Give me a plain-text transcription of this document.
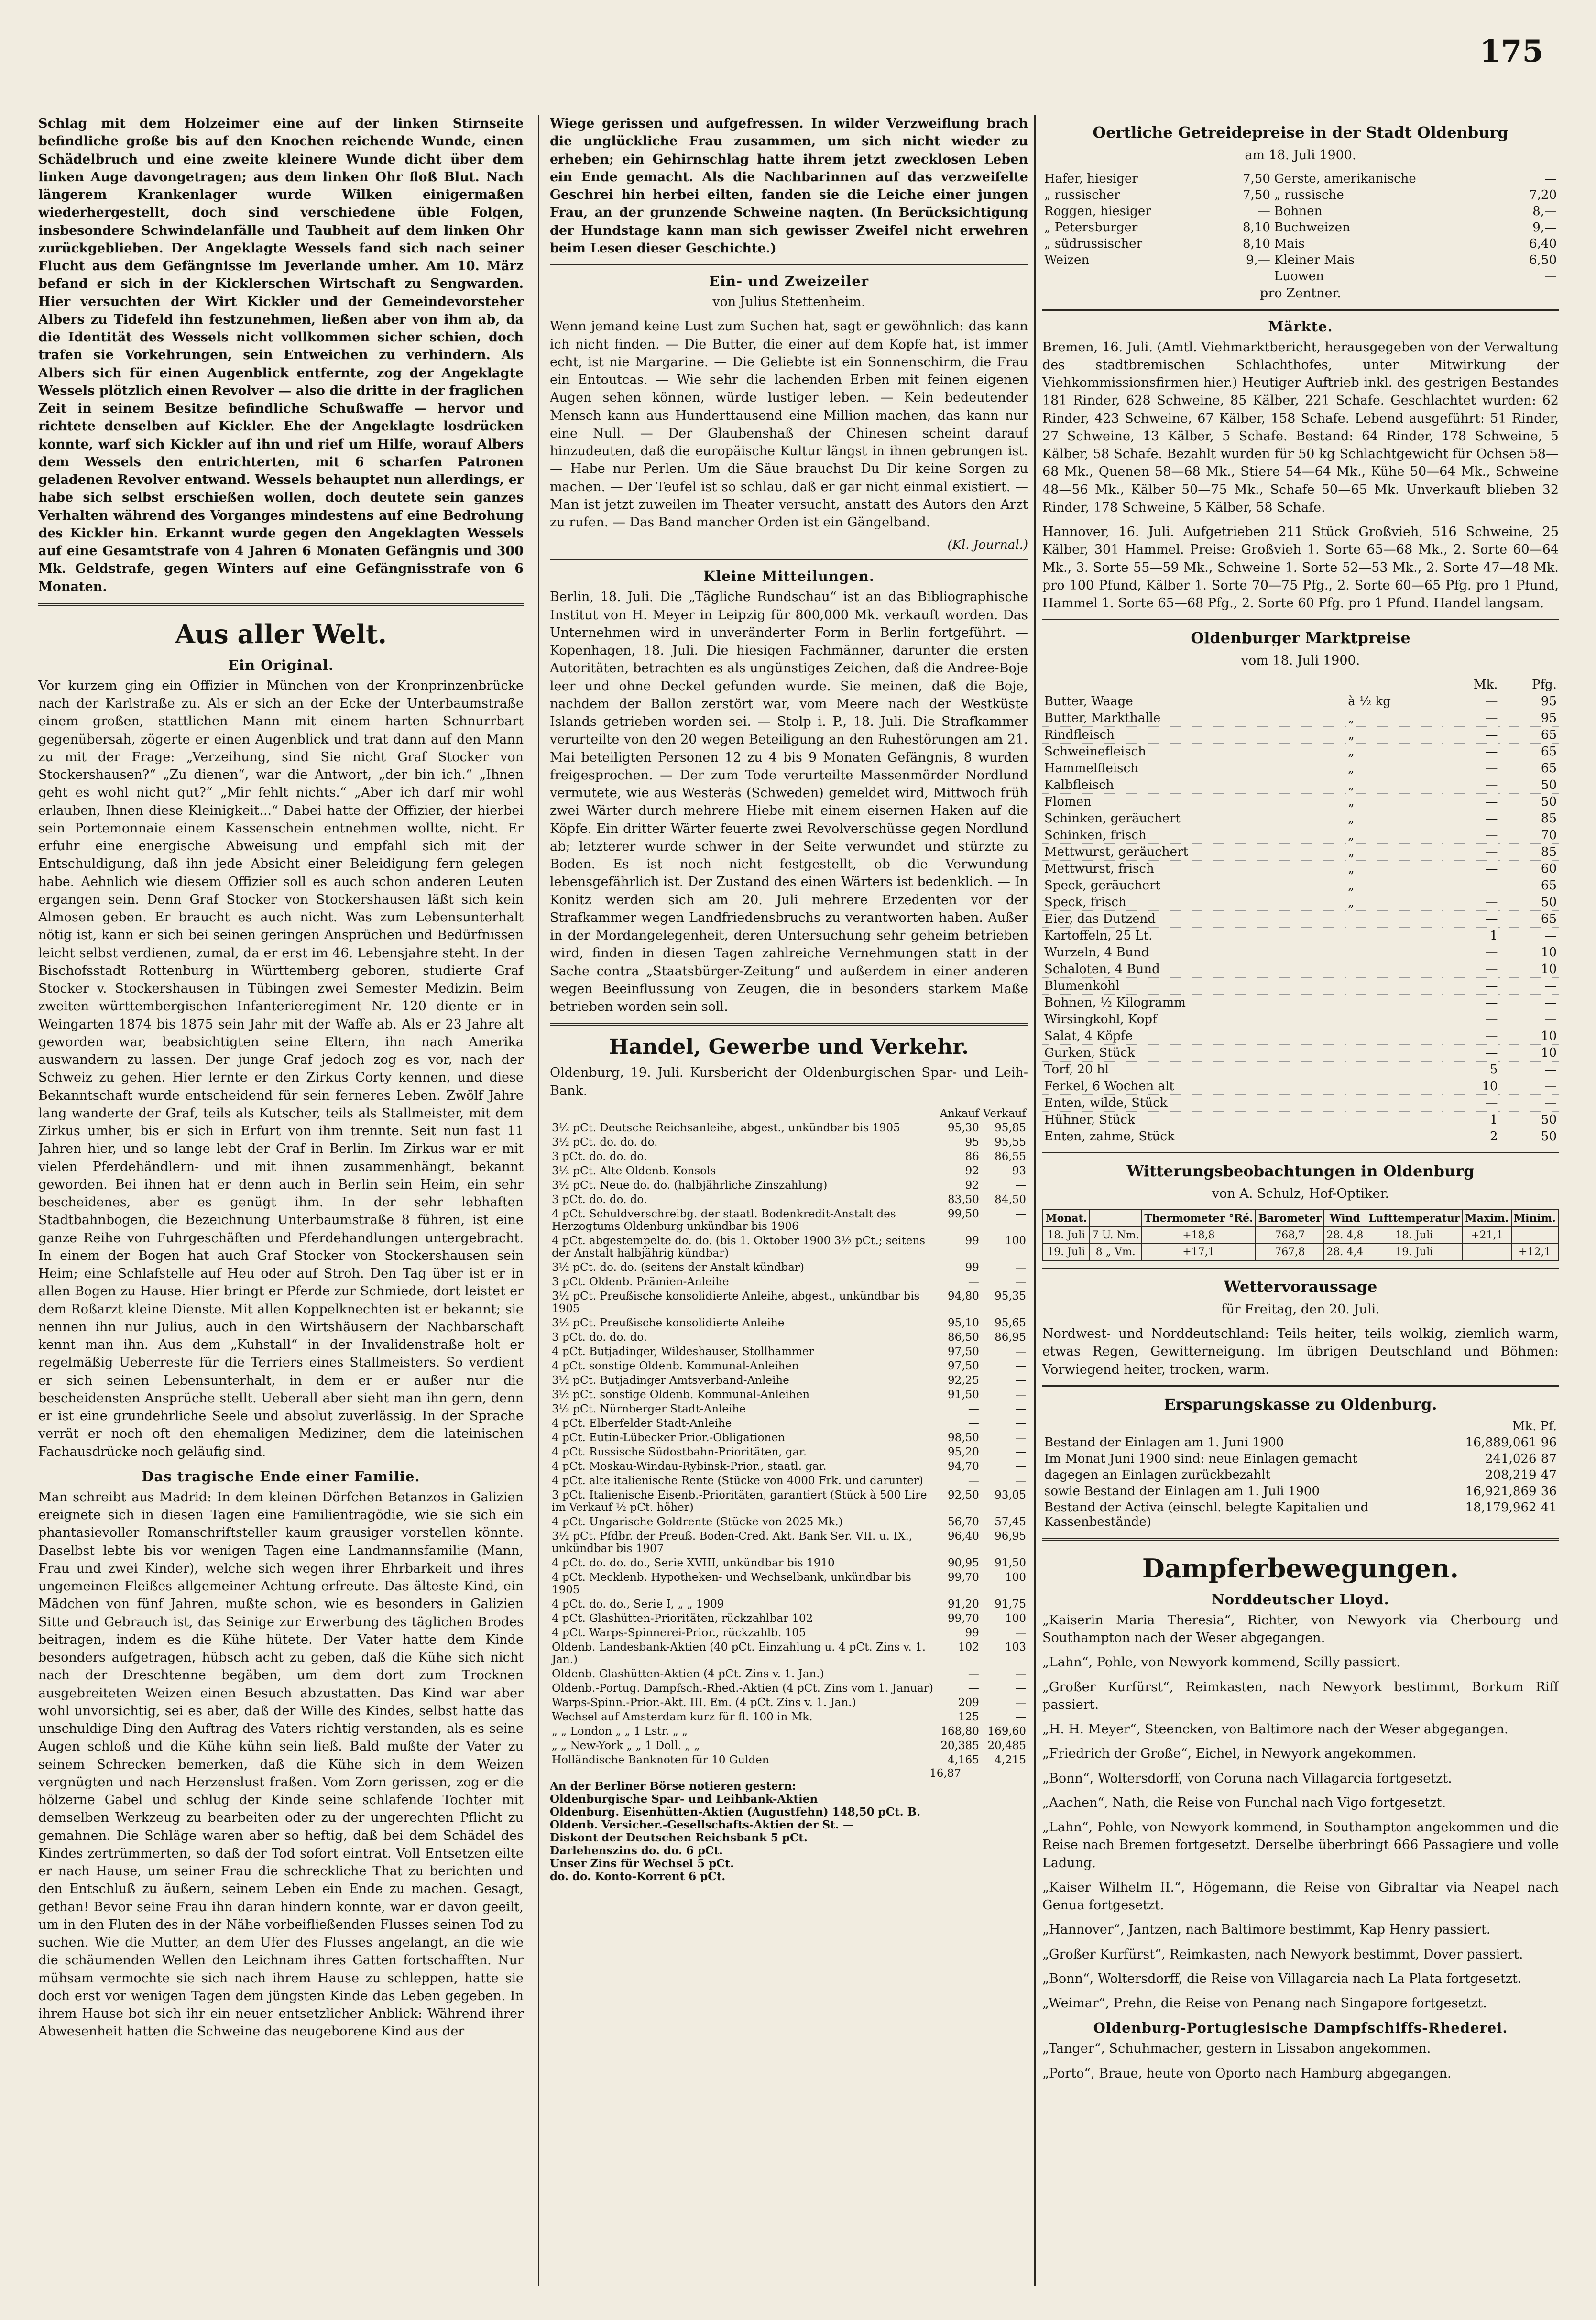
175

Schlag mit dem Holzeimer eine auf der linken Stirnseite befindliche große bis auf den Knochen reichende Wunde, einen Schädelbruch und eine zweite kleinere Wunde dicht über dem linken Auge davongetragen; aus dem linken Ohr floß Blut. Nach längerem Krankenlager wurde Wilken einigermaßen wiederhergestellt, doch sind verschiedene üble Folgen, insbesondere Schwindelanfälle und Taubheit auf dem linken Ohr zurückgeblieben. Der Angeklagte Wessels fand sich nach seiner Flucht aus dem Gefängnisse im Jeverlande umher. Am 10. März befand er sich in der Kicklerschen Wirtschaft zu Sengwarden. Hier versuchten der Wirt Kickler und der Gemeindevorsteher Albers zu Tidefeld ihn festzunehmen, ließen aber von ihm ab, da die Identität des Wessels nicht vollkommen sicher schien, doch trafen sie Vorkehrungen, sein Entweichen zu verhindern. Als Albers sich für einen Augenblick entfernte, zog der Angeklagte Wessels plötzlich einen Revolver — also die dritte in der fraglichen Zeit in seinem Besitze befindliche Schußwaffe — hervor und richtete denselben auf Kickler. Ehe der Angeklagte losdrücken konnte, warf sich Kickler auf ihn und rief um Hilfe, worauf Albers dem Wessels den entrichterten, mit 6 scharfen Patronen geladenen Revolver entwand. Wessels behauptet nun allerdings, er habe sich selbst erschießen wollen, doch deutete sein ganzes Verhalten während des Vorganges mindestens auf eine Bedrohung des Kickler hin. Erkannt wurde gegen den Angeklagten Wessels auf eine Gesamtstrafe von 4 Jahren 6 Monaten Gefängnis und 300 Mk. Geldstrafe, gegen Winters auf eine Gefängnisstrafe von 6 Monaten.

Aus aller Welt.
Ein Original.

Vor kurzem ging ein Offizier in München von der Kronprinzenbrücke nach der Karlstraße zu. Als er sich an der Ecke der Unterbaumstraße einem großen, stattlichen Mann mit einem harten Schnurrbart gegenübersah, zögerte er einen Augenblick und trat dann auf den Mann zu mit der Frage: „Verzeihung, sind Sie nicht Graf Stocker von Stockershausen?“ „Zu dienen“, war die Antwort, „der bin ich.“ „Ihnen geht es wohl nicht gut?“ „Mir fehlt nichts.“ „Aber ich darf mir wohl erlauben, Ihnen diese Kleinigkeit...“ Dabei hatte der Offizier, der hierbei sein Portemonnaie einem Kassenschein entnehmen wollte, nicht. Er erfuhr eine energische Abweisung und empfahl sich mit der Entschuldigung, daß ihn jede Absicht einer Beleidigung fern gelegen habe. Aehnlich wie diesem Offizier soll es auch schon anderen Leuten ergangen sein. Denn Graf Stocker von Stockershausen läßt sich kein Almosen geben. Er braucht es auch nicht. Was zum Lebensunterhalt nötig ist, kann er sich bei seinen geringen Ansprüchen und Bedürfnissen leicht selbst verdienen, zumal, da er erst im 46. Lebensjahre steht. In der Bischofsstadt Rottenburg in Württemberg geboren, studierte Graf Stocker v. Stockershausen in Tübingen zwei Semester Medizin. Beim zweiten württembergischen Infanterieregiment Nr. 120 diente er in Weingarten 1874 bis 1875 sein Jahr mit der Waffe ab. Als er 23 Jahre alt geworden war, beabsichtigten seine Eltern, ihn nach Amerika auswandern zu lassen. Der junge Graf jedoch zog es vor, nach der Schweiz zu gehen. Hier lernte er den Zirkus Corty kennen, und diese Bekanntschaft wurde entscheidend für sein ferneres Leben. Zwölf Jahre lang wanderte der Graf, teils als Kutscher, teils als Stallmeister, mit dem Zirkus umher, bis er sich in Erfurt von ihm trennte. Seit nun fast 11 Jahren hier, und so lange lebt der Graf in Berlin. Im Zirkus war er mit vielen Pferdehändlern- und mit ihnen zusammenhängt, bekannt geworden. Bei ihnen hat er denn auch in Berlin sein Heim, ein sehr bescheidenes, aber es genügt ihm. In der sehr lebhaften Stadtbahnbogen, die Bezeichnung Unterbaumstraße 8 führen, ist eine ganze Reihe von Fuhrgeschäften und Pferdehandlungen untergebracht. In einem der Bogen hat auch Graf Stocker von Stockershausen sein Heim; eine Schlafstelle auf Heu oder auf Stroh. Den Tag über ist er in allen Bogen zu Hause. Hier bringt er Pferde zur Schmiede, dort leistet er dem Roßarzt kleine Dienste. Mit allen Koppelknechten ist er bekannt; sie nennen ihn nur Julius, auch in den Wirtshäusern der Nachbarschaft kennt man ihn. Aus dem „Kuhstall“ in der Invalidenstraße holt er regelmäßig Ueberreste für die Terriers eines Stallmeisters. So verdient er sich seinen Lebensunterhalt, in dem er er außer nur die bescheidensten Ansprüche stellt. Ueberall aber sieht man ihn gern, denn er ist eine grundehrliche Seele und absolut zuverlässig. In der Sprache verrät er noch oft den ehemaligen Mediziner, dem die lateinischen Fachausdrücke noch geläufig sind.

Das tragische Ende einer Familie.

Man schreibt aus Madrid: In dem kleinen Dörfchen Betanzos in Galizien ereignete sich in diesen Tagen eine Familientragödie, wie sie sich ein phantasievoller Romanschriftsteller kaum grausiger vorstellen könnte. Daselbst lebte bis vor wenigen Tagen eine Landmannsfamilie (Mann, Frau und zwei Kinder), welche sich wegen ihrer Ehrbarkeit und ihres ungemeinen Fleißes allgemeiner Achtung erfreute. Das älteste Kind, ein Mädchen von fünf Jahren, mußte schon, wie es besonders in Galizien Sitte und Gebrauch ist, das Seinige zur Erwerbung des täglichen Brodes beitragen, indem es die Kühe hütete. Der Vater hatte dem Kinde besonders aufgetragen, hübsch acht zu geben, daß die Kühe sich nicht nach der Dreschtenne begäben, um dem dort zum Trocknen ausgebreiteten Weizen einen Besuch abzustatten. Das Kind war aber wohl unvorsichtig, sei es aber, daß der Wille des Kindes, selbst hatte das unschuldige Ding den Auftrag des Vaters richtig verstanden, als es seine Augen schloß und die Kühe kühn sein ließ. Bald mußte der Vater zu seinem Schrecken bemerken, daß die Kühe sich in dem Weizen vergnügten und nach Herzenslust fraßen. Vom Zorn gerissen, zog er die hölzerne Gabel und schlug der Kinde seine schlafende Tochter mit demselben Werkzeug zu bearbeiten oder zu der ungerechten Pflicht zu gemahnen. Die Schläge waren aber so heftig, daß bei dem Schädel des Kindes zertrümmerten, so daß der Tod sofort eintrat. Voll Entsetzen eilte er nach Hause, um seiner Frau die schreckliche That zu berichten und den Entschluß zu äußern, seinem Leben ein Ende zu machen. Gesagt, gethan! Bevor seine Frau ihn daran hindern konnte, war er davon geeilt, um in den Fluten des in der Nähe vorbeifließenden Flusses seinen Tod zu suchen. Wie die Mutter, an dem Ufer des Flusses angelangt, an die wie die schäumenden Wellen den Leichnam ihres Gatten fortschafften. Nur mühsam vermochte sie sich nach ihrem Hause zu schleppen, hatte sie doch erst vor wenigen Tagen dem jüngsten Kinde das Leben gegeben. In ihrem Hause bot sich ihr ein neuer entsetzlicher Anblick: Während ihrer Abwesenheit hatten die Schweine das neugeborene Kind aus der

Wiege gerissen und aufgefressen. In wilder Verzweiflung brach die unglückliche Frau zusammen, um sich nicht wieder zu erheben; ein Gehirnschlag hatte ihrem jetzt zwecklosen Leben ein Ende gemacht. Als die Nachbarinnen auf das verzweifelte Geschrei hin herbei eilten, fanden sie die Leiche einer jungen Frau, an der grunzende Schweine nagten. (In Berücksichtigung der Hundstage kann man sich gewisser Zweifel nicht erwehren beim Lesen dieser Geschichte.)

Ein- und Zweizeiler

von Julius Stettenheim.

Wenn jemand keine Lust zum Suchen hat, sagt er gewöhnlich: das kann ich nicht finden. — Die Butter, die einer auf dem Kopfe hat, ist immer echt, ist nie Margarine. — Die Geliebte ist ein Sonnenschirm, die Frau ein Entoutcas. — Wie sehr die lachenden Erben mit feinen eigenen Augen sehen können, würde lustiger leben. — Kein bedeutender Mensch kann aus Hunderttausend eine Million machen, das kann nur eine Null. — Der Glaubenshaß der Chinesen scheint darauf hinzudeuten, daß die europäische Kultur längst in ihnen gebrungen ist. — Habe nur Perlen. Um die Säue brauchst Du Dir keine Sorgen zu machen. — Der Teufel ist so schlau, daß er gar nicht einmal existiert. — Man ist jetzt zuweilen im Theater versucht, anstatt des Autors den Arzt zu rufen. — Das Band mancher Orden ist ein Gängelband.

(Kl. Journal.)
Kleine Mitteilungen.

Berlin, 18. Juli. Die „Tägliche Rundschau“ ist an das Bibliographische Institut von H. Meyer in Leipzig für 800,000 Mk. verkauft worden. Das Unternehmen wird in unveränderter Form in Berlin fortgeführt. — Kopenhagen, 18. Juli. Die hiesigen Fachmänner, darunter die ersten Autoritäten, betrachten es als ungünstiges Zeichen, daß die Andree-Boje leer und ohne Deckel gefunden wurde. Sie meinen, daß die Boje, nachdem der Ballon zerstört war, vom Meere nach der Westküste Islands getrieben worden sei. — Stolp i. P., 18. Juli. Die Strafkammer verurteilte von den 20 wegen Beteiligung an den Ruhestörungen am 21. Mai beteiligten Personen 12 zu 4 bis 9 Monaten Gefängnis, 8 wurden freigesprochen. — Der zum Tode verurteilte Massenmörder Nordlund vermutete, wie aus Westeräs (Schweden) gemeldet wird, Mittwoch früh zwei Wärter durch mehrere Hiebe mit einem eisernen Haken auf die Köpfe. Ein dritter Wärter feuerte zwei Revolverschüsse gegen Nordlund ab; letzterer wurde schwer in der Seite verwundet und stürzte zu Boden. Es ist noch nicht festgestellt, ob die Verwundung lebensgefährlich ist. Der Zustand des einen Wärters ist bedenklich. — In Konitz werden sich am 20. Juli mehrere Erzedenten vor der Strafkammer wegen Landfriedensbruchs zu verantworten haben. Außer in der Mordangelegenheit, deren Untersuchung sehr geheim betrieben wird, finden in diesen Tagen zahlreiche Vernehmungen statt in der Sache contra „Staatsbürger-Zeitung“ und außerdem in einer anderen wegen Beeinflussung von Zeugen, die in besonders starkem Maße betrieben worden sein soll.

Handel, Gewerbe und Verkehr.

Oldenburg, 19. Juli. Kursbericht der Oldenburgischen Spar- und Leih-Bank.

	Ankauf	Verkauf
3½ pCt. Deutsche Reichsanleihe, abgest., unkündbar bis 1905	95,30	95,85
3½ pCt. do. do. do.	95	95,55
3 pCt. do. do. do.	86	86,55
3½ pCt. Alte Oldenb. Konsols	92	93
3½ pCt. Neue do. do. (halbjährliche Zinszahlung)	92	—
3 pCt. do. do. do.	83,50	84,50
4 pCt. Schuldverschreibg. der staatl. Bodenkredit-Anstalt des Herzogtums Oldenburg unkündbar bis 1906	99,50	—
4 pCt. abgestempelte do. do. (bis 1. Oktober 1900 3½ pCt.; seitens der Anstalt halbjährig kündbar)	99	100
3½ pCt. do. do. (seitens der Anstalt kündbar)	99	—
3 pCt. Oldenb. Prämien-Anleihe	—	—
3½ pCt. Preußische konsolidierte Anleihe, abgest., unkündbar bis 1905	94,80	95,35
3½ pCt. Preußische konsolidierte Anleihe	95,10	95,65
3 pCt. do. do. do.	86,50	86,95
4 pCt. Butjadinger, Wildeshauser, Stollhammer	97,50	—
4 pCt. sonstige Oldenb. Kommunal-Anleihen	97,50	—
3½ pCt. Butjadinger Amtsverband-Anleihe	92,25	—
3½ pCt. sonstige Oldenb. Kommunal-Anleihen	91,50	—
3½ pCt. Nürnberger Stadt-Anleihe	—	—
4 pCt. Elberfelder Stadt-Anleihe	—	—
4 pCt. Eutin-Lübecker Prior.-Obligationen	98,50	—
4 pCt. Russische Südostbahn-Prioritäten, gar.	95,20	—
4 pCt. Moskau-Windau-Rybinsk-Prior., staatl. gar.	94,70	—
4 pCt. alte italienische Rente (Stücke von 4000 Frk. und darunter)	—	—
3 pCt. Italienische Eisenb.-Prioritäten, garantiert (Stück à 500 Lire im Verkauf ½ pCt. höher)	92,50	93,05
4 pCt. Ungarische Goldrente (Stücke von 2025 Mk.)	56,70	57,45
3½ pCt. Pfdbr. der Preuß. Boden-Cred. Akt. Bank Ser. VII. u. IX., unkündbar bis 1907	96,40	96,95
4 pCt. do. do. do., Serie XVIII, unkündbar bis 1910	90,95	91,50
4 pCt. Mecklenb. Hypotheken- und Wechselbank, unkündbar bis 1905	99,70	100
4 pCt. do. do., Serie I, „ „ 1909	91,20	91,75
4 pCt. Glashütten-Prioritäten, rückzahlbar 102	99,70	100
4 pCt. Warps-Spinnerei-Prior., rückzahlb. 105	99	—
Oldenb. Landesbank-Aktien (40 pCt. Einzahlung u. 4 pCt. Zins v. 1. Jan.)	102	103
Oldenb. Glashütten-Aktien (4 pCt. Zins v. 1. Jan.)	—	—
Oldenb.-Portug. Dampfsch.-Rhed.-Aktien (4 pCt. Zins vom 1. Januar)	—	—
Warps-Spinn.-Prior.-Akt. III. Em. (4 pCt. Zins v. 1. Jan.)	209	—
Wechsel auf Amsterdam kurz für fl. 100 in Mk.	125	—
„ „ London „ „ 1 Lstr. „ „	168,80	169,60
„ „ New-York „ „ 1 Doll. „ „	20,385	20,485
Holländische Banknoten für 10 Gulden	4,165	4,215
16,87
An der Berliner Börse notieren gestern:
Oldenburgische Spar- und Leihbank-Aktien
Oldenburg. Eisenhütten-Aktien (Augustfehn) 148,50 pCt. B.
Oldenb. Versicher.-Gesellschafts-Aktien der St. —
Diskont der Deutschen Reichsbank 5 pCt.
Darlehenszins do. do. 6 pCt.
Unser Zins für Wechsel 5 pCt.
do. do. Konto-Korrent 6 pCt.
Oertliche Getreidepreise in der Stadt Oldenburg

am 18. Juli 1900.

Hafer, hiesiger	7,50	Gerste, amerikanische	—
„ russischer	7,50	„ russische	7,20
Roggen, hiesiger	—	Bohnen	8,—
„ Petersburger	8,10	Buchweizen	9,—
„ südrussischer	8,10	Mais	6,40
Weizen	9,—	Kleiner Mais	6,50
		Luowen	—

pro Zentner.

Märkte.

Bremen, 16. Juli. (Amtl. Viehmarktbericht, herausgegeben von der Verwaltung des stadtbremischen Schlachthofes, unter Mitwirkung der Viehkommissionsfirmen hier.) Heutiger Auftrieb inkl. des gestrigen Bestandes 181 Rinder, 628 Schweine, 85 Kälber, 221 Schafe. Geschlachtet wurden: 62 Rinder, 423 Schweine, 67 Kälber, 158 Schafe. Lebend ausgeführt: 51 Rinder, 27 Schweine, 13 Kälber, 5 Schafe. Bestand: 64 Rinder, 178 Schweine, 5 Kälber, 58 Schafe. Bezahlt wurden für 50 kg Schlachtgewicht für Ochsen 58—68 Mk., Quenen 58—68 Mk., Stiere 54—64 Mk., Kühe 50—64 Mk., Schweine 48—56 Mk., Kälber 50—75 Mk., Schafe 50—65 Mk. Unverkauft blieben 32 Rinder, 178 Schweine, 5 Kälber, 58 Schafe.

Hannover, 16. Juli. Aufgetrieben 211 Stück Großvieh, 516 Schweine, 25 Kälber, 301 Hammel. Preise: Großvieh 1. Sorte 65—68 Mk., 2. Sorte 60—64 Mk., 3. Sorte 55—59 Mk., Schweine 1. Sorte 52—53 Mk., 2. Sorte 47—48 Mk. pro 100 Pfund, Kälber 1. Sorte 70—75 Pfg., 2. Sorte 60—65 Pfg. pro 1 Pfund, Hammel 1. Sorte 65—68 Pfg., 2. Sorte 60 Pfg. pro 1 Pfund. Handel langsam.

Oldenburger Marktpreise

vom 18. Juli 1900.

		Mk.	Pfg.
Butter, Waage	à ½ kg	—	95
Butter, Markthalle	„	—	95
Rindfleisch	„	—	65
Schweinefleisch	„	—	65
Hammelfleisch	„	—	65
Kalbfleisch	„	—	50
Flomen	„	—	50
Schinken, geräuchert	„	—	85
Schinken, frisch	„	—	70
Mettwurst, geräuchert	„	—	85
Mettwurst, frisch	„	—	60
Speck, geräuchert	„	—	65
Speck, frisch	„	—	50
Eier, das Dutzend		—	65
Kartoffeln, 25 Lt.		1	—
Wurzeln, 4 Bund		—	10
Schaloten, 4 Bund		—	10
Blumenkohl		—	—
Bohnen, ½ Kilogramm		—	—
Wirsingkohl, Kopf		—	—
Salat, 4 Köpfe		—	10
Gurken, Stück		—	10
Torf, 20 hl		5	—
Ferkel, 6 Wochen alt		10	—
Enten, wilde, Stück		—	—
Hühner, Stück		1	50
Enten, zahme, Stück		2	50
Witterungsbeobachtungen in Oldenburg

von A. Schulz, Hof-Optiker.

Monat.		Thermometer °Ré.	Barometer	Wind	Lufttemperatur	Maxim.	Minim.
18. Juli	7 U. Nm.	+18,8	768,7	28. 4,8	18. Juli	+21,1	
19. Juli	8 „ Vm.	+17,1	767,8	28. 4,4	19. Juli		+12,1
Wettervoraussage

für Freitag, den 20. Juli.

Nordwest- und Norddeutschland: Teils heiter, teils wolkig, ziemlich warm, etwas Regen, Gewitterneigung. Im übrigen Deutschland und Böhmen: Vorwiegend heiter, trocken, warm.

Ersparungskasse zu Oldenburg.
	Mk.	Pf.
Bestand der Einlagen am 1. Juni 1900	16,889,061	96
Im Monat Juni 1900 sind: neue Einlagen gemacht	241,026	87
dagegen an Einlagen zurückbezahlt	208,219	47
sowie Bestand der Einlagen am 1. Juli 1900	16,921,869	36
Bestand der Activa (einschl. belegte Kapitalien und Kassenbestände)	18,179,962	41
Dampferbewegungen.
Norddeutscher Lloyd.

„Kaiserin Maria Theresia“, Richter, von Newyork via Cherbourg und Southampton nach der Weser abgegangen.

„Lahn“, Pohle, von Newyork kommend, Scilly passiert.

„Großer Kurfürst“, Reimkasten, nach Newyork bestimmt, Borkum Riff passiert.

„H. H. Meyer“, Steencken, von Baltimore nach der Weser abgegangen.

„Friedrich der Große“, Eichel, in Newyork angekommen.

„Bonn“, Woltersdorff, von Coruna nach Villagarcia fortgesetzt.

„Aachen“, Nath, die Reise von Funchal nach Vigo fortgesetzt.

„Lahn“, Pohle, von Newyork kommend, in Southampton angekommen und die Reise nach Bremen fortgesetzt. Derselbe überbringt 666 Passagiere und volle Ladung.

„Kaiser Wilhelm II.“, Högemann, die Reise von Gibraltar via Neapel nach Genua fortgesetzt.

„Hannover“, Jantzen, nach Baltimore bestimmt, Kap Henry passiert.

„Großer Kurfürst“, Reimkasten, nach Newyork bestimmt, Dover passiert.

„Bonn“, Woltersdorff, die Reise von Villagarcia nach La Plata fortgesetzt.

„Weimar“, Prehn, die Reise von Penang nach Singapore fortgesetzt.

Oldenburg-Portugiesische Dampfschiffs-Rhederei.

„Tanger“, Schuhmacher, gestern in Lissabon angekommen.

„Porto“, Braue, heute von Oporto nach Hamburg abgegangen.
